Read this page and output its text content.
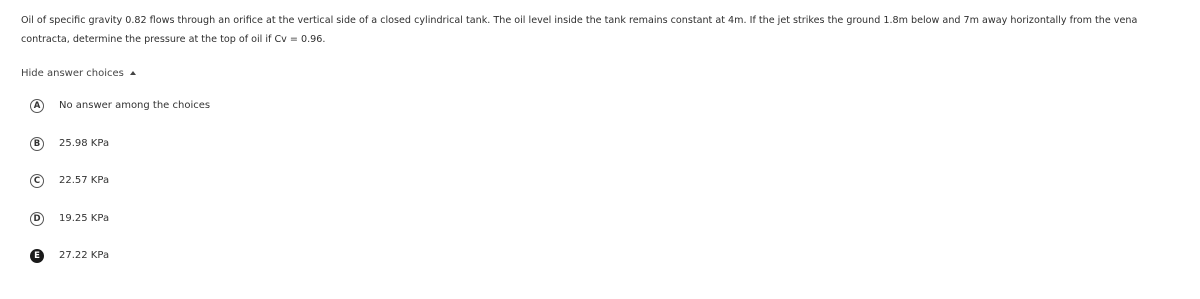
Oil of specific gravity 0.82 flows through an orifice at the vertical side of a closed cylindrical tank. The oil level inside the tank remains constant at 4m. If the jet strikes the ground 1.8m below and 7m away horizontally from the vena contracta, determine the pressure at the top of oil if Cv = 0.96.

Hide answer choices
A	No answer among the choices
B	25.98 KPa
C	22.57 KPa
D	19.25 KPa
E	27.22 KPa
